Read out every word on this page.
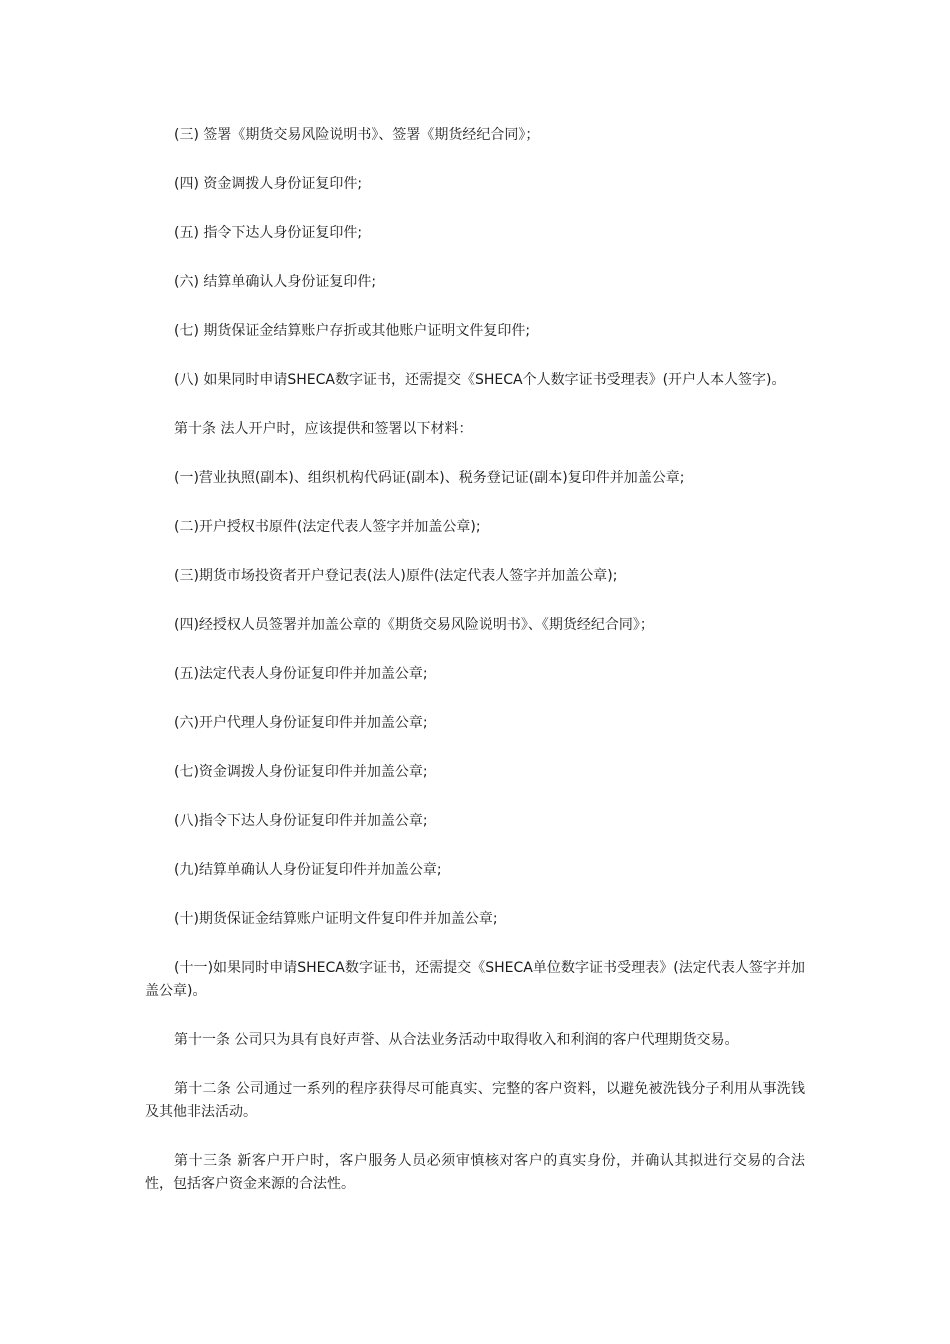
(三) 签署《期货交易风险说明书》、签署《期货经纪合同》；

(四) 资金调拨人身份证复印件;

(五) 指令下达人身份证复印件;

(六) 结算单确认人身份证复印件;

(七) 期货保证金结算账户存折或其他账户证明文件复印件;

(八) 如果同时申请SHECA数字证书，还需提交《SHECA个人数字证书受理表》(开户人本人签字)。

第十条 法人开户时，应该提供和签署以下材料：

(一)营业执照(副本)、组织机构代码证(副本)、税务登记证(副本)复印件并加盖公章;

(二)开户授权书原件(法定代表人签字并加盖公章);

(三)期货市场投资者开户登记表(法人)原件(法定代表人签字并加盖公章);

(四)经授权人员签署并加盖公章的《期货交易风险说明书》、《期货经纪合同》；

(五)法定代表人身份证复印件并加盖公章;

(六)开户代理人身份证复印件并加盖公章;

(七)资金调拨人身份证复印件并加盖公章;

(八)指令下达人身份证复印件并加盖公章;

(九)结算单确认人身份证复印件并加盖公章;

(十)期货保证金结算账户证明文件复印件并加盖公章;

(十一)如果同时申请SHECA数字证书，还需提交《SHECA单位数字证书受理表》(法定代表人签字并加盖公章)。

第十一条 公司只为具有良好声誉、从合法业务活动中取得收入和利润的客户代理期货交易。

第十二条 公司通过一系列的程序获得尽可能真实、完整的客户资料，以避免被洗钱分子利用从事洗钱及其他非法活动。

第十三条 新客户开户时，客户服务人员必须审慎核对客户的真实身份，并确认其拟进行交易的合法性，包括客户资金来源的合法性。
